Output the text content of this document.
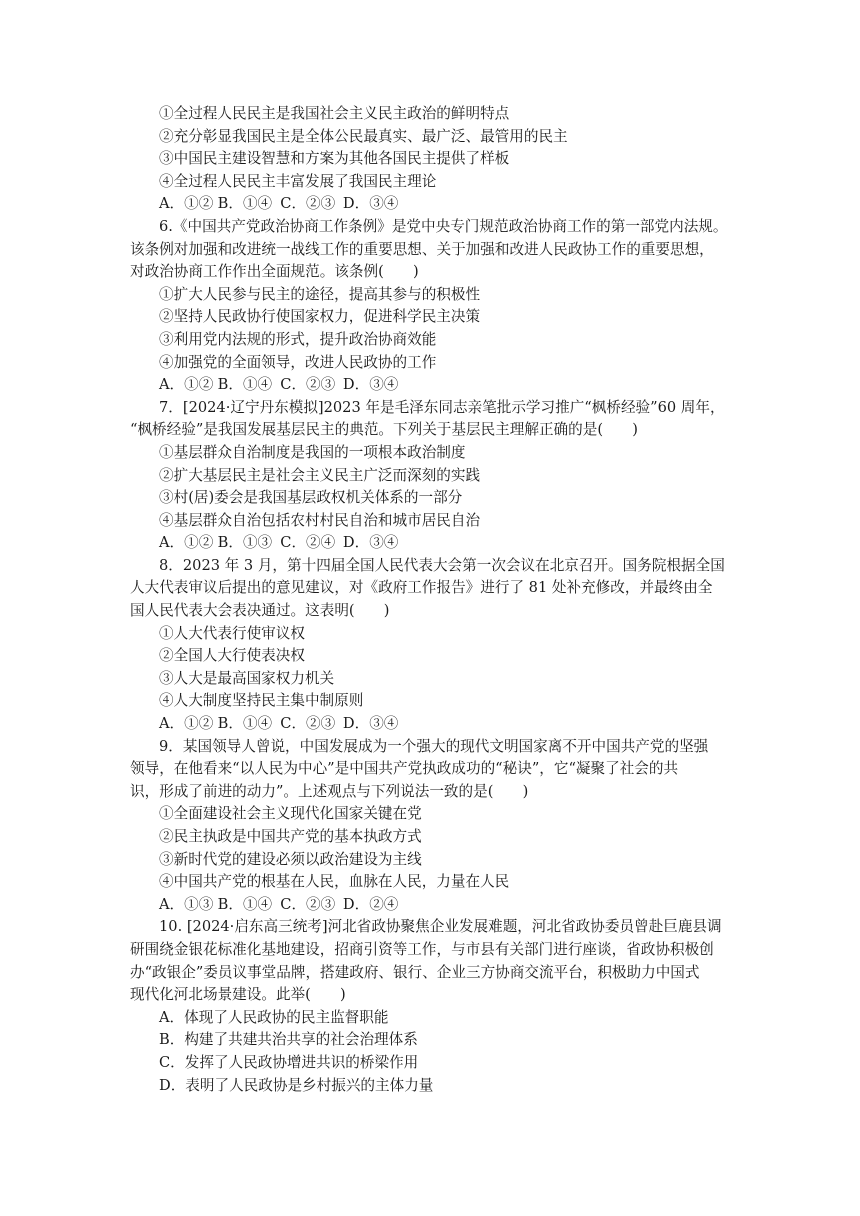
①全过程人民民主是我国社会主义民主政治的鲜明特点
②充分彰显我国民主是全体公民最真实、最广泛、最管用的民主
③中国民主建设智慧和方案为其他各国民主提供了样板
④全过程人民民主丰富发展了我国民主理论
A．①② B．①④ C．②③ D．③④
6.《中国共产党政治协商工作条例》是党中央专门规范政治协商工作的第一部党内法规。
该条例对加强和改进统一战线工作的重要思想、关于加强和改进人民政协工作的重要思想，
对政治协商工作作出全面规范。该条例(　　)
①扩大人民参与民主的途径，提高其参与的积极性
②坚持人民政协行使国家权力，促进科学民主决策
③利用党内法规的形式，提升政治协商效能
④加强党的全面领导，改进人民政协的工作
A．①② B．①④ C．②③ D．③④
7．[2024·辽宁丹东模拟]2023 年是毛泽东同志亲笔批示学习推广“枫桥经验”60 周年，
“枫桥经验”是我国发展基层民主的典范。下列关于基层民主理解正确的是(　　)
①基层群众自治制度是我国的一项根本政治制度
②扩大基层民主是社会主义民主广泛而深刻的实践
③村(居)委会是我国基层政权机关体系的一部分
④基层群众自治包括农村村民自治和城市居民自治
A．①② B．①③ C．②④ D．③④
8．2023 年 3 月，第十四届全国人民代表大会第一次会议在北京召开。国务院根据全国
人大代表审议后提出的意见建议，对《政府工作报告》进行了 81 处补充修改，并最终由全
国人民代表大会表决通过。这表明(　　)
①人大代表行使审议权
②全国人大行使表决权
③人大是最高国家权力机关
④人大制度坚持民主集中制原则
A．①② B．①④ C．②③ D．③④
9．某国领导人曾说，中国发展成为一个强大的现代文明国家离不开中国共产党的坚强
领导，在他看来“以人民为中心”是中国共产党执政成功的“秘诀”，它“凝聚了社会的共
识，形成了前进的动力”。上述观点与下列说法一致的是(　　)
①全面建设社会主义现代化国家关键在党
②民主执政是中国共产党的基本执政方式
③新时代党的建设必须以政治建设为主线
④中国共产党的根基在人民，血脉在人民，力量在人民
A．①③ B．①④ C．②③ D．②④
10. [2024·启东高三统考]河北省政协聚焦企业发展难题，河北省政协委员曾赴巨鹿县调
研围绕金银花标准化基地建设，招商引资等工作，与市县有关部门进行座谈，省政协积极创
办“政银企”委员议事堂品牌，搭建政府、银行、企业三方协商交流平台，积极助力中国式
现代化河北场景建设。此举(　　)
A．体现了人民政协的民主监督职能
B．构建了共建共治共享的社会治理体系
C．发挥了人民政协增进共识的桥梁作用
D．表明了人民政协是乡村振兴的主体力量
